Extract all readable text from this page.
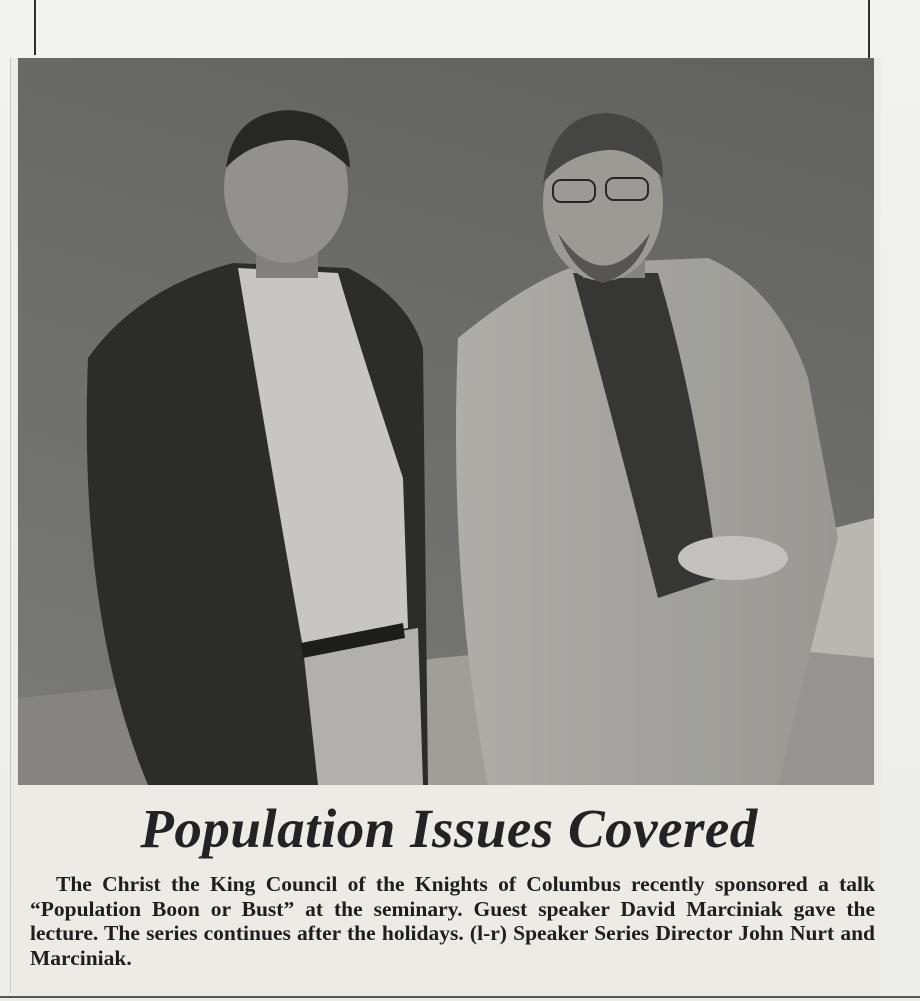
Population Issues Covered
The Christ the King Council of the Knights of Columbus recently sponsored a talk “Population Boon or Bust” at the seminary. Guest speaker David Marciniak gave the lecture. The series continues after the holidays. (l-r) Speaker Series Director John Nurt and Marciniak.
